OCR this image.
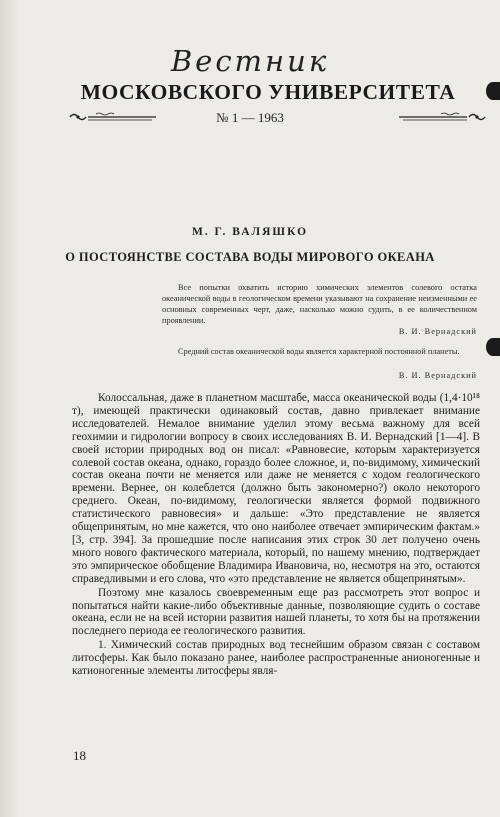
Вестник
МОСКОВСКОГО УНИВЕРСИТЕТА
№ 1 — 1963
М. Г. ВАЛЯШКО
О ПОСТОЯНСТВЕ СОСТАВА ВОДЫ МИРОВОГО ОКЕАНА

Все попытки охватить историю химических элементов солевого остатка океанической воды в геологическом времени указывают на сохранение неизменными ее основных современных черт, даже, насколько можно судить, в ее количественном проявлении.

В. И. Вернадский

Средний состав океанической воды является характерной постоянной планеты.

В. И. Вернадский

Колоссальная, даже в планетном масштабе, масса океанической воды (1,4·10¹⁸ т), имеющей практически одинаковый состав, давно привлекает внимание исследователей. Немалое внимание уделил этому весьма важному для всей геохимии и гидрологии вопросу в своих исследованиях В. И. Вернадский [1—4]. В своей истории природных вод он писал: «Равновесие, которым характеризуется солевой состав океана, однако, гораздо более сложное, и, по-видимому, химический состав океана почти не меняется или даже не меняется с ходом геологического времени. Вернее, он колеблется (должно быть закономерно?) около некоторого среднего. Океан, по-видимому, геологически является формой подвижного статистического равновесия» и дальше: «Это представление не является общепринятым, но мне кажется, что оно наиболее отвечает эмпирическим фактам.» [3, стр. 394]. За прошедшие после написания этих строк 30 лет получено очень много нового фактического материала, который, по нашему мнению, подтверждает это эмпирическое обобщение Владимира Ивановича, но, несмотря на это, остаются справедливыми и его слова, что «это представление не является общепринятым».

Поэтому мне казалось своевременным еще раз рассмотреть этот вопрос и попытаться найти какие-либо объективные данные, позволяющие судить о составе океана, если не на всей истории развития нашей планеты, то хотя бы на протяжении последнего периода ее геологического развития.

1. Химический состав природных вод теснейшим образом связан с составом литосферы. Как было показано ранее, наиболее распространенные анионогенные и катионогенные элементы литосферы явля-

18
